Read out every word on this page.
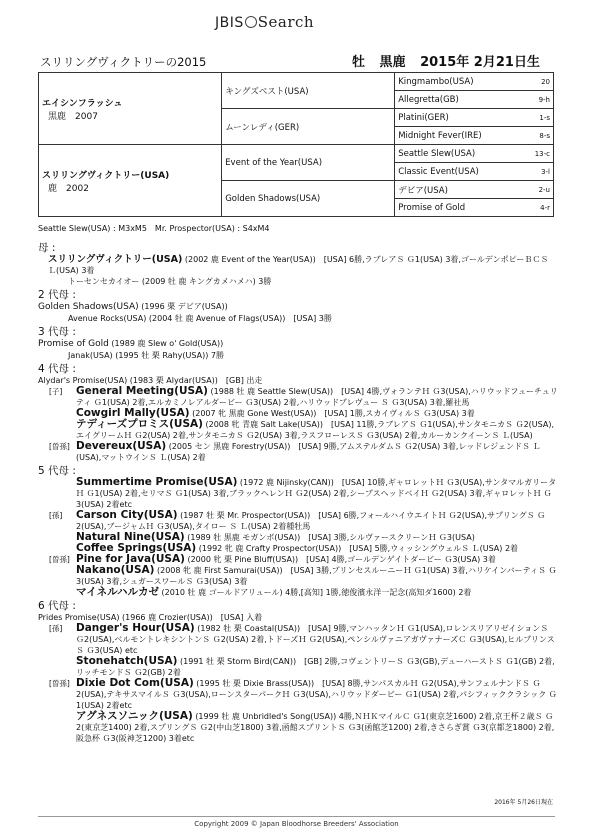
JBIS Search
スリリングヴィクトリーの2015	牡 黒鹿 2015年 2月21日生
エイシンフラッシュ
黒鹿　 2007	キングズベスト(USA)	Kingmambo(USA)	20
		Allegretta(GB)	9-h
	ムーンレディ(GER)	Platini(GER)	1-s
		Midnight Fever(IRE)	8-s
スリリングヴィクトリー(USA)
鹿　 2002	Event of the Year(USA)	Seattle Slew(USA)	13-c
		Classic Event(USA)	3-l
	Golden Shadows(USA)	デビア(USA)	2-u
		Promise of Gold	4-r
Seattle Slew(USA) : M3xM5　Mr. Prospector(USA) : S4xM4
母 :
スリリングヴィクトリー(USA) (2002 鹿 Event of the Year(USA))　[USA] 6勝,ラブレアＳ Ｇ1(USA) 3着,ゴールデンポピーＢＣＳ Ｌ(USA) 3着
トーセンセカイオー (2009 牡 鹿 キングカメハメハ) 3勝
2 代母 :
Golden Shadows(USA) (1996 栗 デビア(USA))
Avenue Rocks(USA) (2004 牡 鹿 Avenue of Flags(USA))　[USA] 3勝
3 代母 :
Promise of Gold (1989 鹿 Slew o' Gold(USA))
Janak(USA) (1995 牡 栗 Rahy(USA)) 7勝
4 代母 :
Alydar's Promise(USA) (1983 栗 Alydar(USA))　[GB] 出走
[子] General Meeting(USA) (1988 牡 鹿 Seattle Slew(USA))　[USA] 4勝,ヴォランテＨ Ｇ3(USA),ハリウッドフューチュリティ Ｇ1(USA) 2着,エルカミノレアルダービー Ｇ3(USA) 2着,ハリウッドプレヴュー Ｓ Ｇ3(USA) 3着,羅社馬
Cowgirl Mally(USA) (2007 牝 黒鹿 Gone West(USA))　[USA] 1勝,スカイヴィルＳ Ｇ3(USA) 3着
テディーズプロミス(USA) (2008 牝 青鹿 Salt Lake(USA))　[USA] 11勝,ラブレアＳ Ｇ1(USA),サンタモニカＳ Ｇ2(USA),エイグリームＨ Ｇ2(USA) 2着,サンタモニカＳ Ｇ2(USA) 3着,ラスフローレスＳ Ｇ3(USA) 2着,カルーカンクイーンＳ Ｌ(USA)
[曽孫] Devereux(USA) (2005 セン 黒鹿 Forestry(USA))　[USA] 9勝,アムステルダムＳ Ｇ2(USA) 3着,レッドレジェンドＳ Ｌ(USA),マットウインＳ Ｌ(USA) 2着
5 代母 :
Summertime Promise(USA) (1972 鹿 Nijinsky(CAN))　[USA] 10勝,ギャロレットＨ Ｇ3(USA),サンタマルガリータＨ Ｇ1(USA) 2着,セリマＳ Ｇ1(USA) 3着,ブラックヘレンＨ Ｇ2(USA) 2着,シープスヘッドベイＨ Ｇ2(USA) 3着,ギャロレットＨ Ｇ3(USA) 2着etc
[孫] Carson City(USA) (1987 牡 栗 Mr. Prospector(USA))　[USA] 6勝,フォールハイウエイトＨ Ｇ2(USA),サプリングＳ Ｇ2(USA),ブージャムＨ Ｇ3(USA),タイロー Ｓ Ｌ(USA) 2着種牡馬
Natural Nine(USA) (1989 牡 黒鹿 モガンボ(USA))　[USA] 3勝,シルヴァースクリーンＨ Ｇ3(USA)
Coffee Springs(USA) (1992 牝 鹿 Crafty Prospector(USA))　[USA] 5勝,ウィッシングウェルＳ Ｌ(USA) 2着
[曽孫] Pine for Java(USA) (2000 牝 栗 Pine Bluff(USA))　[USA] 4勝,ゴールデンゲイトダービー Ｇ3(USA) 3着
Nakano(USA) (2008 牝 鹿 First Samurai(USA))　[USA] 3勝,プリンセスルーニーＨ Ｇ1(USA) 3着,ハリケインバーティＳ Ｇ3(USA) 3着,シュガースワールＳ Ｇ3(USA) 3着
マイネルハルカゼ (2010 牡 鹿 ゴールドアリュール) 4勝,[高知] 1勝,徳俊濱永洋一記念(高知ダ1600) 2着
6 代母 :
Prides Promise(USA) (1966 鹿 Crozier(USA))　[USA] 入着
[孫] Danger's Hour(USA) (1982 牡 栗 Coastal(USA))　[USA] 9勝,マンハッタンＨ Ｇ1(USA),ロレンスリアリゼイションＳ Ｇ2(USA),ベルモントレキシントンＳ Ｇ2(USA) 2着,トドーズＨ Ｇ2(USA),ペンシルヴァニアガヴァナーズＣ Ｇ3(USA),ヒルプリンスＳ Ｇ3(USA) etc
Stonehatch(USA) (1991 牡 栗 Storm Bird(CAN))　[GB] 2勝,コヴェントリーＳ Ｇ3(GB),デューハーストＳ Ｇ1(GB) 2着,リッチモンドＳ Ｇ2(GB) 2着
[曽孫] Dixie Dot Com(USA) (1995 牡 栗 Dixie Brass(USA))　[USA] 8勝,サンパスカルＨ Ｇ2(USA),サンフェルナンドＳ Ｇ2(USA),テキサスマイルＳ Ｇ3(USA),ローンスターパークＨ Ｇ3(USA),ハリウッドダービー Ｇ1(USA) 2着,パシフィッククラシック Ｇ1(USA) 2着etc
アグネスソニック(USA) (1999 牡 鹿 Unbridled's Song(USA)) 4勝,ＮＨＫマイルＣ Ｇ1(東京芝1600) 2着,京王杯２歳Ｓ Ｇ2(東京芝1400) 2着,スプリングＳ Ｇ2(中山芝1800) 3着,函館スプリントＳ Ｇ3(函館芝1200) 2着,きさらぎ賞 Ｇ3(京都芝1800) 2着,阪急杯 Ｇ3(阪神芝1200) 3着etc
2016年 5月26日現在
Copyright 2009 © Japan Bloodhorse Breeders' Association
